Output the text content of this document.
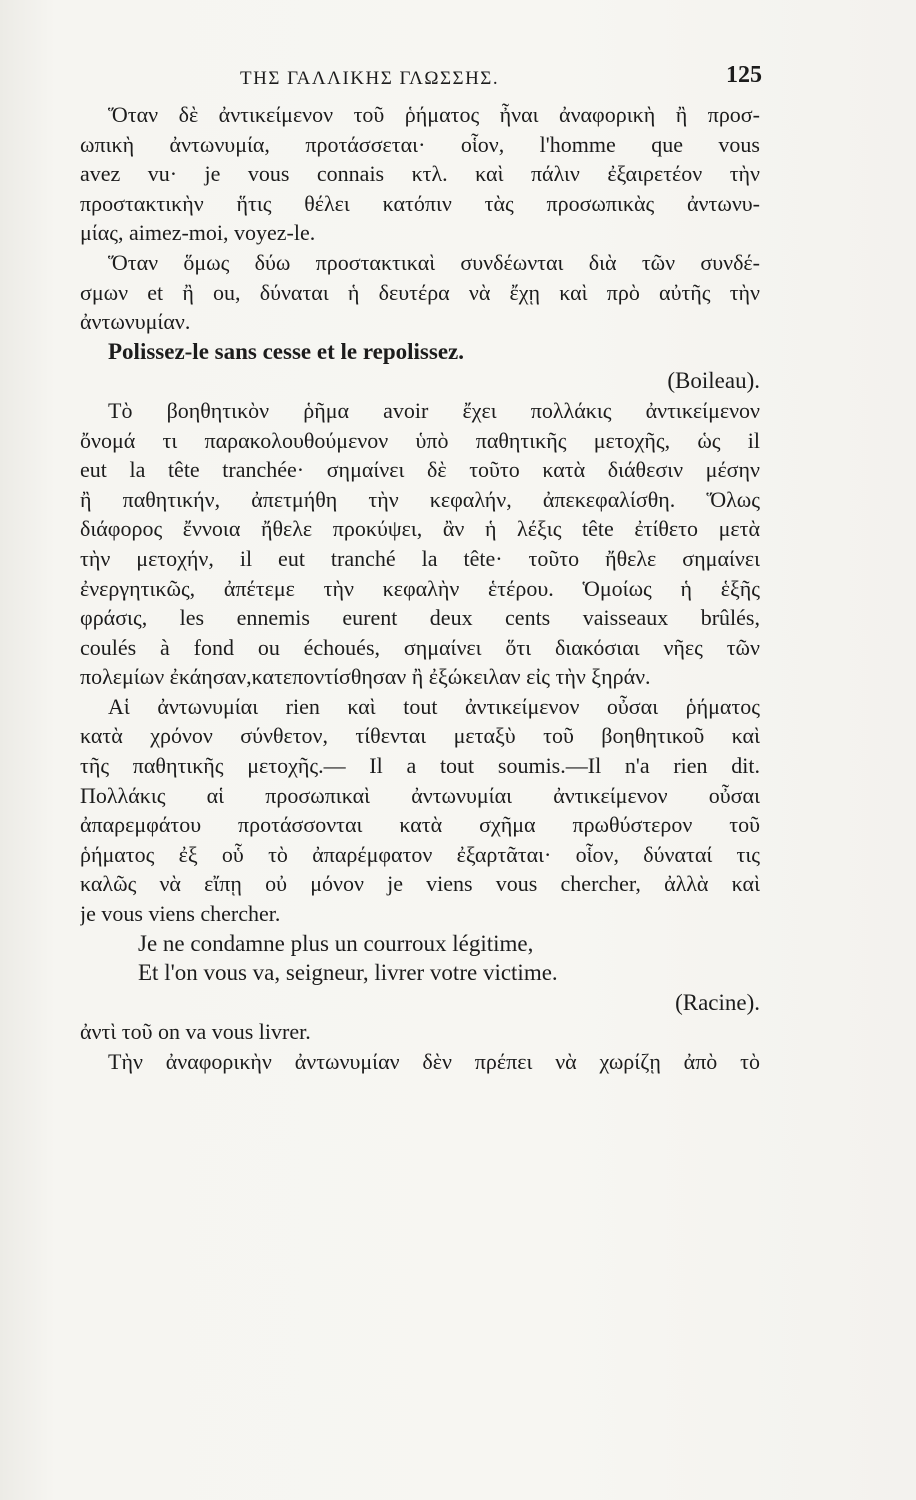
ΤΗΣ ΓΑΛΛΙΚΗΣ ΓΛΩΣΣΗΣ.	125
Ὅταν δὲ ἀντικείμενον τοῦ ῥήματος ἦναι ἀναφορικὴ ἢ προσ-
ωπικὴ ἀντωνυμία, προτάσσεται· οἷον, l'homme que vous
avez vu· je vous connais κτλ. καὶ πάλιν ἐξαιρετέον τὴν
προστακτικὴν ἥτις θέλει κατόπιν τὰς προσωπικὰς ἀντωνυ-
μίας, aimez-moi, voyez-le.
Ὅταν ὅμως δύω προστακτικαὶ συνδέωνται διὰ τῶν συνδέ-
σμων et ἢ ou, δύναται ἡ δευτέρα νὰ ἔχῃ καὶ πρὸ αὐτῆς τὴν
ἀντωνυμίαν.
Polissez-le sans cesse et le repolissez.
(Boileau).
Τὸ βοηθητικὸν ῥῆμα avoir ἔχει πολλάκις ἀντικείμενον
ὄνομά τι παρακολουθούμενον ὑπὸ παθητικῆς μετοχῆς, ὡς il
eut la tête tranchée· σημαίνει δὲ τοῦτο κατὰ διάθεσιν μέσην
ἢ παθητικήν, ἀπετμήθη τὴν κεφαλήν, ἀπεκεφαλίσθη. Ὅλως
διάφορος ἔννοια ἤθελε προκύψει, ἂν ἡ λέξις tête ἐτίθετο μετὰ
τὴν μετοχήν, il eut tranché la tête· τοῦτο ἤθελε σημαίνει
ἐνεργητικῶς, ἀπέτεμε τὴν κεφαλὴν ἑτέρου. Ὁμοίως ἡ ἑξῆς
φράσις, les ennemis eurent deux cents vaisseaux brûlés,
coulés à fond ou échoués, σημαίνει ὅτι διακόσιαι νῆες τῶν
πολεμίων ἐκάησαν,κατεποντίσθησαν ἢ ἐξώκειλαν εἰς τὴν ξηράν.
Αἱ ἀντωνυμίαι rien καὶ tout ἀντικείμενον οὖσαι ῥήματος
κατὰ χρόνον σύνθετον, τίθενται μεταξὺ τοῦ βοηθητικοῦ καὶ
τῆς παθητικῆς μετοχῆς.— Il a tout soumis.—Il n'a rien dit.
Πολλάκις αἱ προσωπικαὶ ἀντωνυμίαι ἀντικείμενον οὖσαι
ἀπαρεμφάτου προτάσσονται κατὰ σχῆμα πρωθύστερον τοῦ
ῥήματος ἐξ οὗ τὸ ἀπαρέμφατον ἐξαρτᾶται· οἷον, δύναταί τις
καλῶς νὰ εἴπῃ οὐ μόνον je viens vous chercher, ἀλλὰ καὶ
je vous viens chercher.
Je ne condamne plus un courroux légitime,
Et l'on vous va, seigneur, livrer votre victime.
(Racine).
ἀντὶ τοῦ on va vous livrer.
Τὴν ἀναφορικὴν ἀντωνυμίαν δὲν πρέπει νὰ χωρίζῃ ἀπὸ τὸ
